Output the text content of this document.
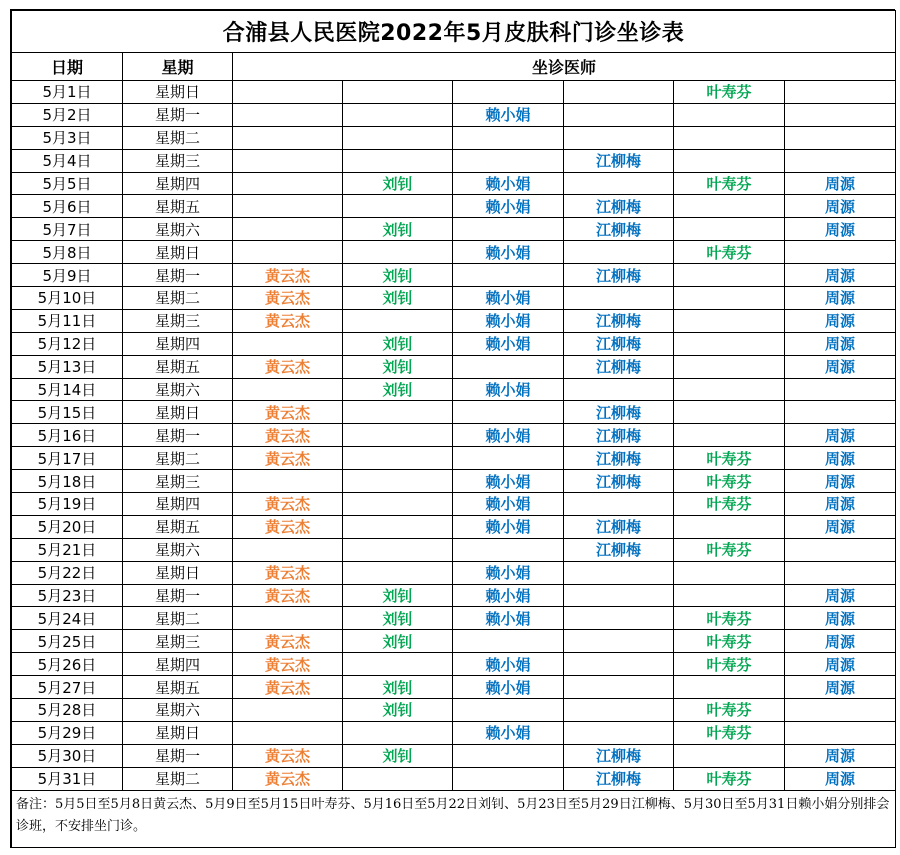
合浦县人民医院2022年5月皮肤科门诊坐诊表							
日期	星期	坐诊医师					
5月1日	星期日					叶寿芬	
5月2日	星期一			赖小娟			
5月3日	星期二						
5月4日	星期三				江柳梅		
5月5日	星期四		刘钊	赖小娟		叶寿芬	周源
5月6日	星期五			赖小娟	江柳梅		周源
5月7日	星期六		刘钊		江柳梅		周源
5月8日	星期日			赖小娟		叶寿芬	
5月9日	星期一	黄云杰	刘钊		江柳梅		周源
5月10日	星期二	黄云杰	刘钊	赖小娟			周源
5月11日	星期三	黄云杰		赖小娟	江柳梅		周源
5月12日	星期四		刘钊	赖小娟	江柳梅		周源
5月13日	星期五	黄云杰	刘钊		江柳梅		周源
5月14日	星期六		刘钊	赖小娟			
5月15日	星期日	黄云杰			江柳梅		
5月16日	星期一	黄云杰		赖小娟	江柳梅		周源
5月17日	星期二	黄云杰			江柳梅	叶寿芬	周源
5月18日	星期三			赖小娟	江柳梅	叶寿芬	周源
5月19日	星期四	黄云杰		赖小娟		叶寿芬	周源
5月20日	星期五	黄云杰		赖小娟	江柳梅		周源
5月21日	星期六				江柳梅	叶寿芬	
5月22日	星期日	黄云杰		赖小娟			
5月23日	星期一	黄云杰	刘钊	赖小娟			周源
5月24日	星期二		刘钊	赖小娟		叶寿芬	周源
5月25日	星期三	黄云杰	刘钊			叶寿芬	周源
5月26日	星期四	黄云杰		赖小娟		叶寿芬	周源
5月27日	星期五	黄云杰	刘钊	赖小娟			周源
5月28日	星期六		刘钊			叶寿芬	
5月29日	星期日			赖小娟		叶寿芬	
5月30日	星期一	黄云杰	刘钊		江柳梅		周源
5月31日	星期二	黄云杰			江柳梅	叶寿芬	周源
备注：5月5日至5月8日黄云杰、5月9日至5月15日叶寿芬、5月16日至5月22日刘钊、5月23日至5月29日江柳梅、5月30日至5月31日赖小娟分别排会诊班，不安排坐门诊。							
